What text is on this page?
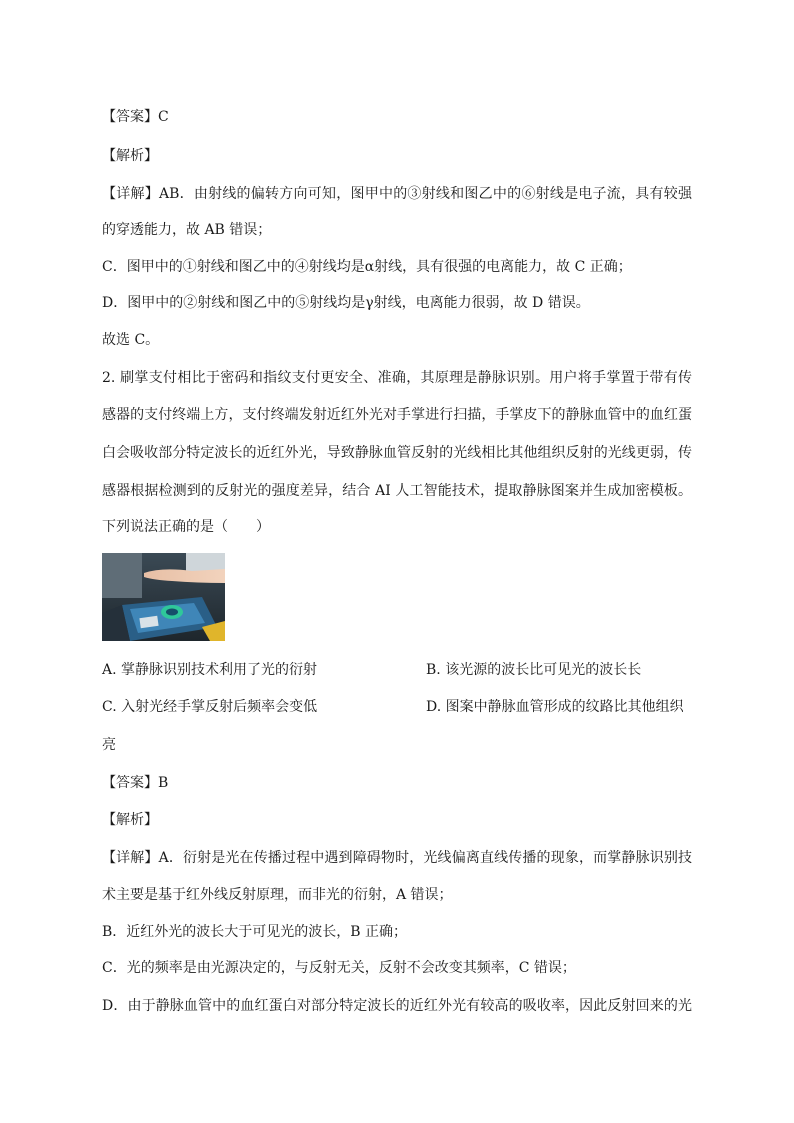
【答案】C
【解析】
【详解】AB．由射线的偏转方向可知，图甲中的③射线和图乙中的⑥射线是电子流，具有较强
的穿透能力，故 AB 错误；
C．图甲中的①射线和图乙中的④射线均是α射线，具有很强的电离能力，故 C 正确；
D．图甲中的②射线和图乙中的⑤射线均是γ射线，电离能力很弱，故 D 错误。
故选 C。
2. 刷掌支付相比于密码和指纹支付更安全、准确，其原理是静脉识别。用户将手掌置于带有传
感器的支付终端上方，支付终端发射近红外光对手掌进行扫描，手掌皮下的静脉血管中的血红蛋
白会吸收部分特定波长的近红外光，导致静脉血管反射的光线相比其他组织反射的光线更弱，传
感器根据检测到的反射光的强度差异，结合 AI 人工智能技术，提取静脉图案并生成加密模板。
下列说法正确的是（　　）
A. 掌静脉识别技术利用了光的衍射	B. 该光源的波长比可见光的波长长
C. 入射光经手掌反射后频率会变低	D. 图案中静脉血管形成的纹路比其他组织
亮
【答案】B
【解析】
【详解】A．衍射是光在传播过程中遇到障碍物时，光线偏离直线传播的现象，而掌静脉识别技
术主要是基于红外线反射原理，而非光的衍射，A 错误；
B．近红外光的波长大于可见光的波长，B 正确；
C．光的频率是由光源决定的，与反射无关，反射不会改变其频率，C 错误；
D．由于静脉血管中的血红蛋白对部分特定波长的近红外光有较高的吸收率，因此反射回来的光
